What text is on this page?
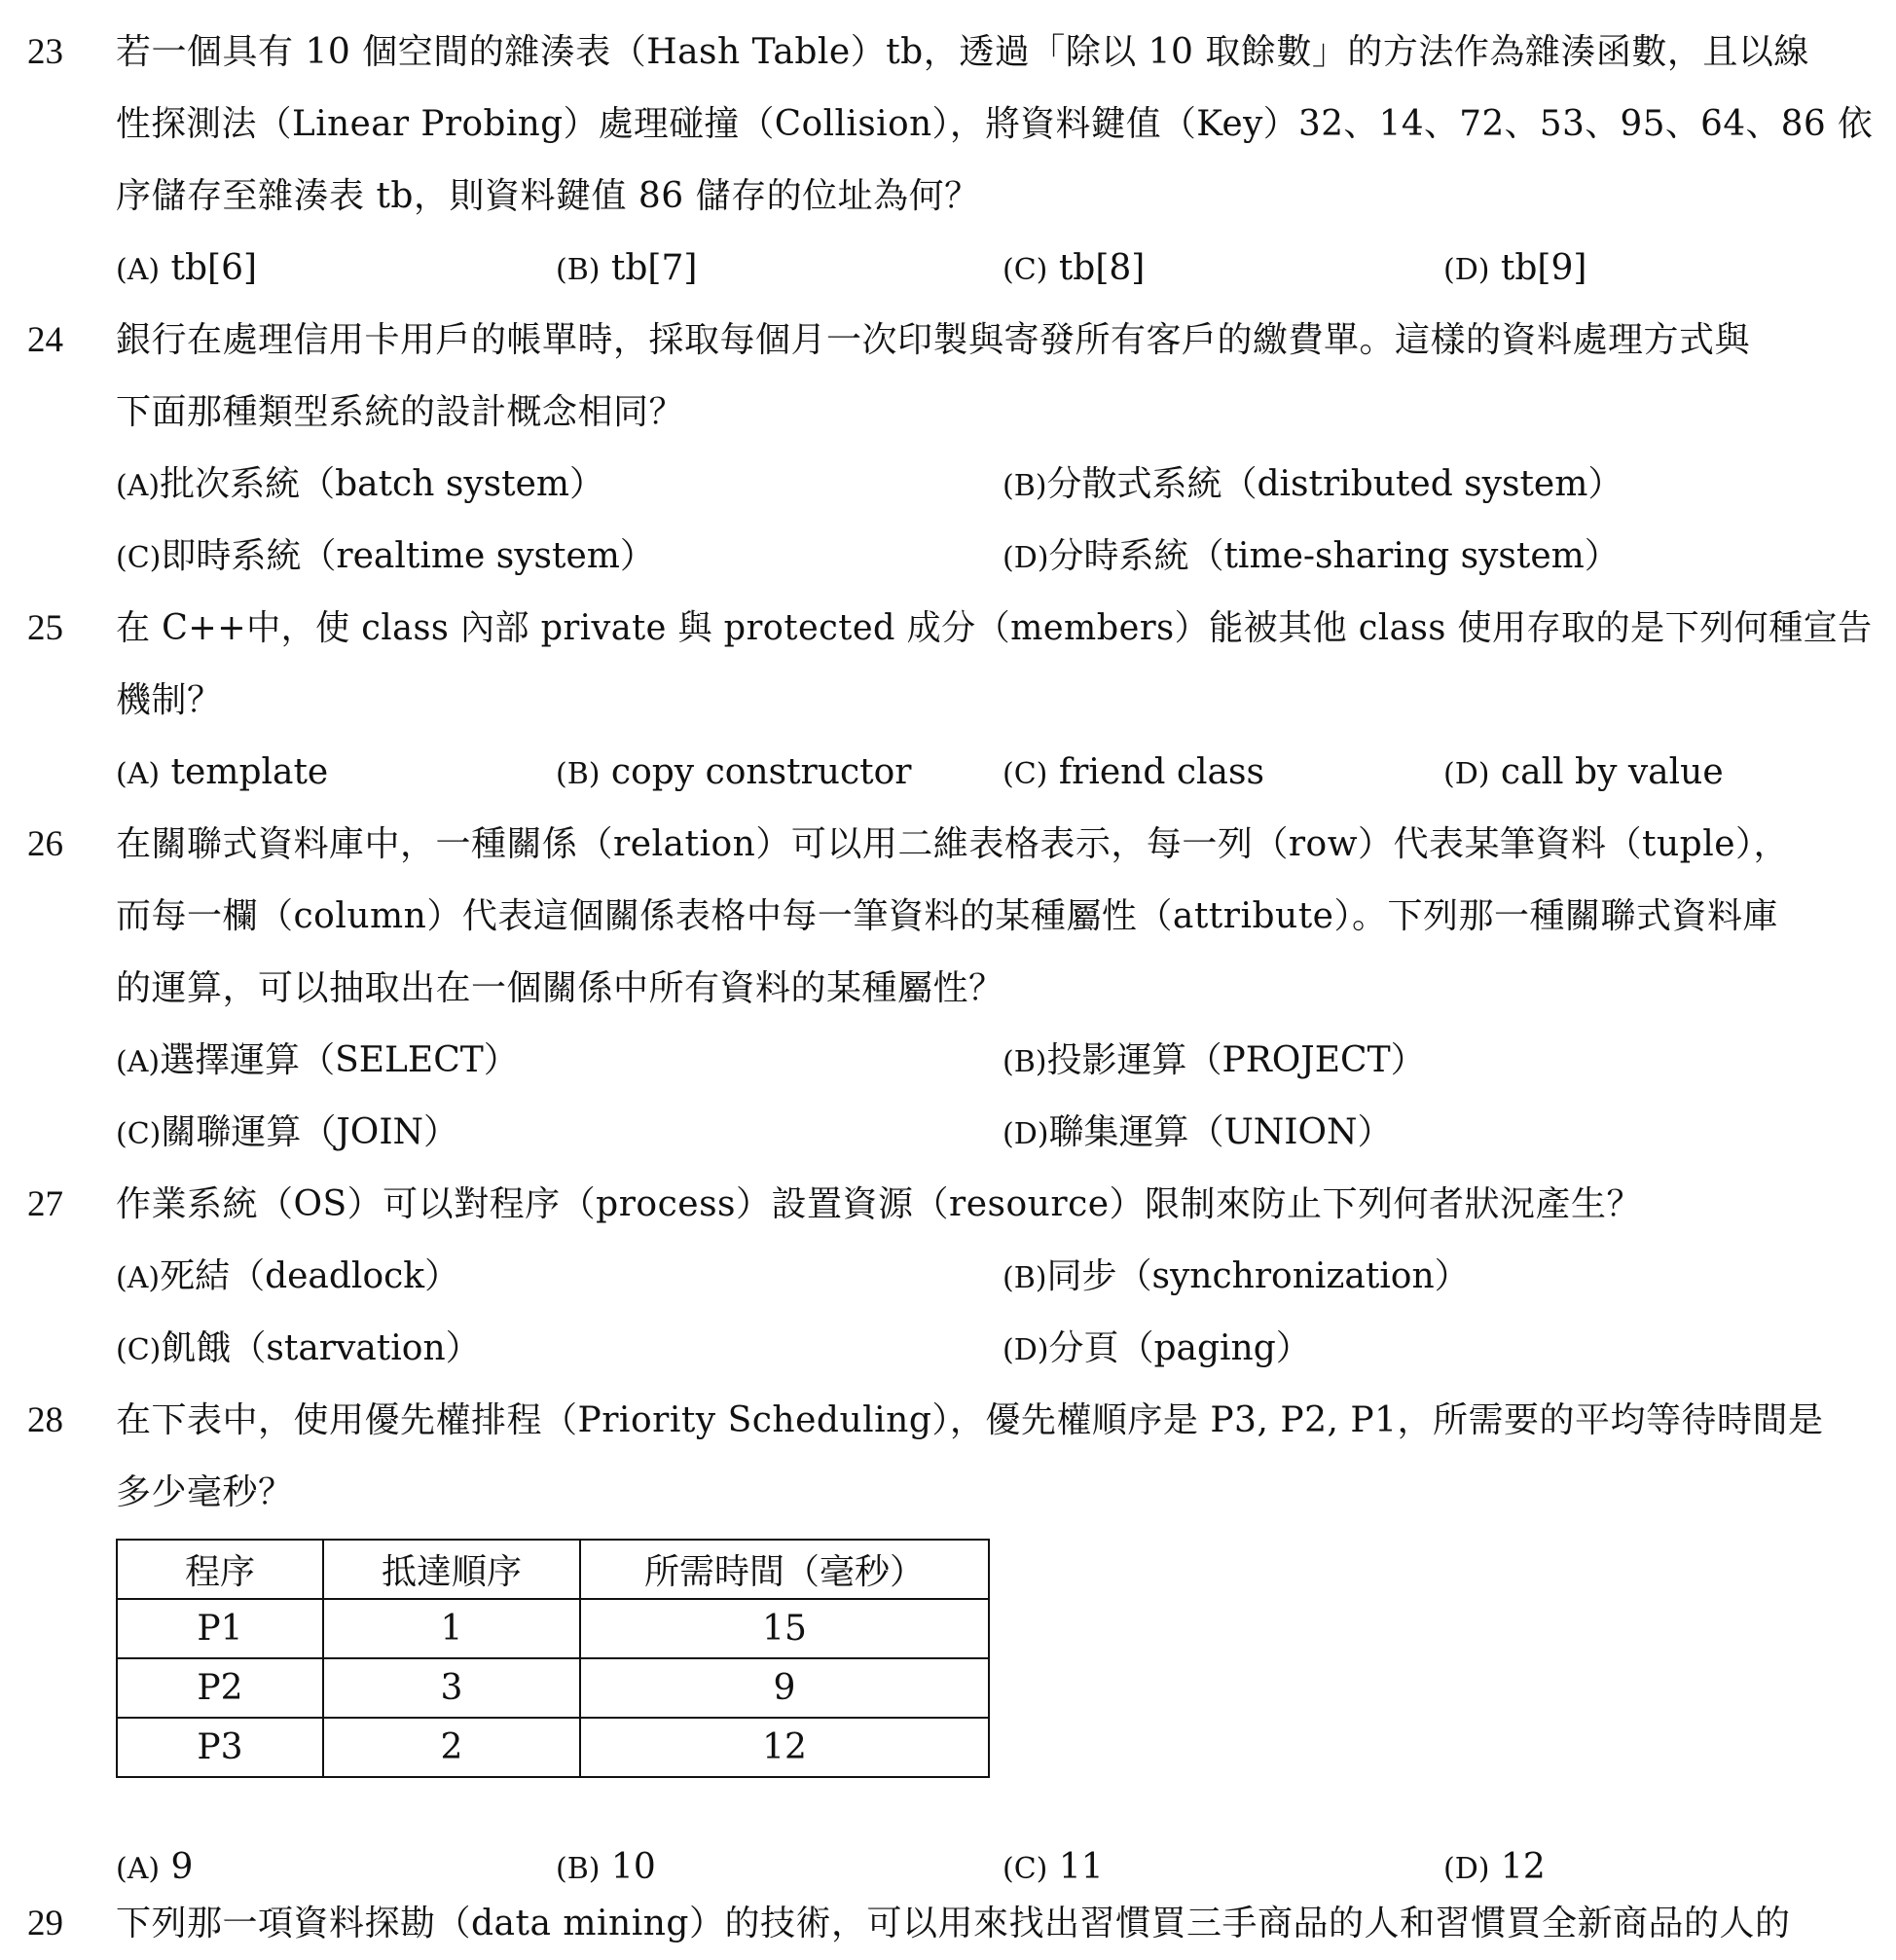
23 若一個具有 10 個空間的雜湊表（Hash Table）tb，透過「除以 10 取餘數」的方法作為雜湊函數，且以線
性探測法（Linear Probing）處理碰撞（Collision），將資料鍵值（Key）32、14、72、53、95、64、86 依
序儲存至雜湊表 tb，則資料鍵值 86 儲存的位址為何？
(A) tb[6]	(B) tb[7]	(C) tb[8]	(D) tb[9]
24 銀行在處理信用卡用戶的帳單時，採取每個月一次印製與寄發所有客戶的繳費單。這樣的資料處理方式與
下面那種類型系統的設計概念相同？
(A)批次系統（batch system）	(B)分散式系統（distributed system）
(C)即時系統（realtime system）	(D)分時系統（time-sharing system）
25 在 C++中，使 class 內部 private 與 protected 成分（members）能被其他 class 使用存取的是下列何種宣告
機制？
(A) template	(B) copy constructor	(C) friend class	(D) call by value
26 在關聯式資料庫中，一種關係（relation）可以用二維表格表示，每一列（row）代表某筆資料（tuple），
而每一欄（column）代表這個關係表格中每一筆資料的某種屬性（attribute）。下列那一種關聯式資料庫
的運算，可以抽取出在一個關係中所有資料的某種屬性？
(A)選擇運算（SELECT）	(B)投影運算（PROJECT）
(C)關聯運算（JOIN）	(D)聯集運算（UNION）
27 作業系統（OS）可以對程序（process）設置資源（resource）限制來防止下列何者狀況產生？
(A)死結（deadlock）	(B)同步（synchronization）
(C)飢餓（starvation）	(D)分頁（paging）
28 在下表中，使用優先權排程（Priority Scheduling），優先權順序是 P3, P2, P1，所需要的平均等待時間是
多少毫秒？
程序	抵達順序	所需時間（毫秒）
P1	1	15
P2	3	9
P3	2	12
(A) 9	(B) 10	(C) 11	(D) 12
29 下列那一項資料探勘（data mining）的技術，可以用來找出習慣買三手商品的人和習慣買全新商品的人的
